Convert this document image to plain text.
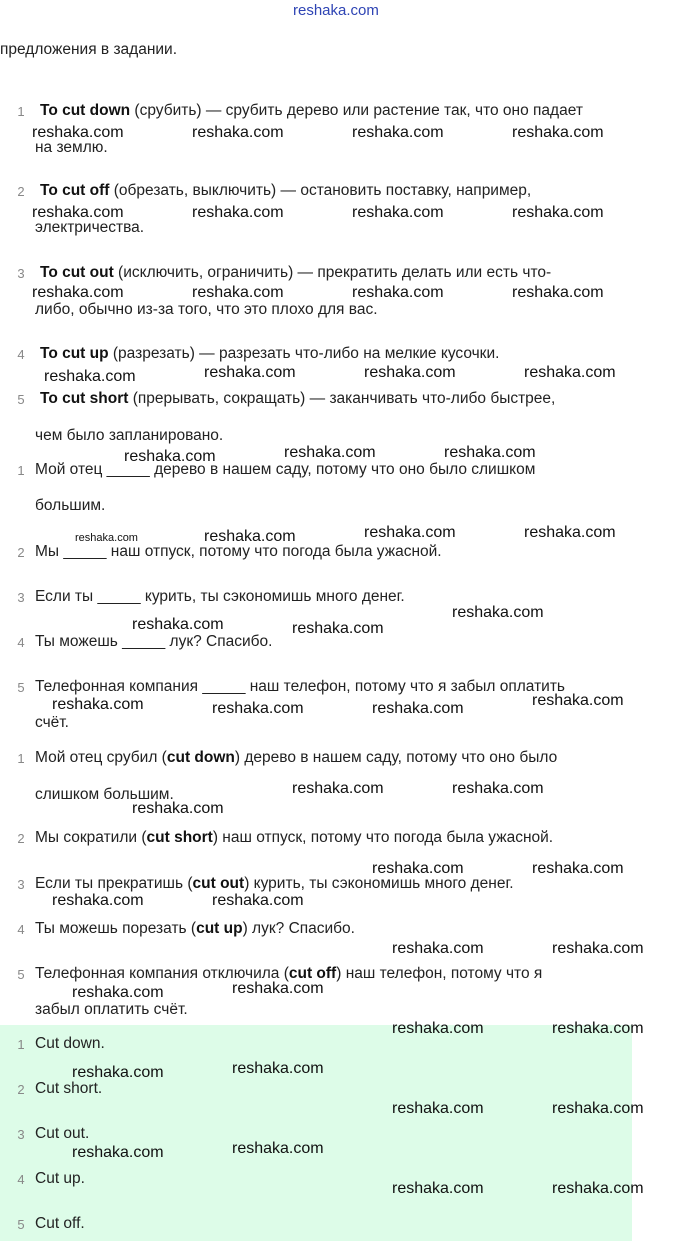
reshaka.com
предложения в задании.
1 To cut down (срубить) — срубить дерево или растение так, что оно падает
на землю.
2 To cut off (обрезать, выключить) — остановить поставку, например,
электричества.
3 To cut out (исключить, ограничить) — прекратить делать или есть что-
либо, обычно из-за того, что это плохо для вас.
4 To cut up (разрезать) — разрезать что-либо на мелкие кусочки.
5 To cut short (прерывать, сокращать) — заканчивать что-либо быстрее,
чем было запланировано.
1 Мой отец _____ дерево в нашем саду, потому что оно было слишком
большим.
2 Мы _____ наш отпуск, потому что погода была ужасной.
3 Если ты _____ курить, ты сэкономишь много денег.
4 Ты можешь _____ лук? Спасибо.
5 Телефонная компания _____ наш телефон, потому что я забыл оплатить
счёт.
1 Мой отец срубил (cut down) дерево в нашем саду, потому что оно было
слишком большим.
2 Мы сократили (cut short) наш отпуск, потому что погода была ужасной.
3 Если ты прекратишь (cut out) курить, ты сэкономишь много денег.
4 Ты можешь порезать (cut up) лук? Спасибо.
5 Телефонная компания отключила (cut off) наш телефон, потому что я
забыл оплатить счёт.
1 Cut down.
2 Cut short.
3 Cut out.
4 Cut up.
5 Cut off.
reshaka.com	reshaka.com	reshaka.com	reshaka.com
reshaka.com	reshaka.com	reshaka.com	reshaka.com
reshaka.com	reshaka.com	reshaka.com	reshaka.com
reshaka.com	reshaka.com	reshaka.com	reshaka.com
reshaka.com	reshaka.com	reshaka.com
reshaka.com	reshaka.com	reshaka.com	reshaka.com
reshaka.com
reshaka.com	reshaka.com
reshaka.com	reshaka.com	reshaka.com	reshaka.com
reshaka.com	reshaka.com
reshaka.com
reshaka.com	reshaka.com
reshaka.com	reshaka.com
reshaka.com	reshaka.com
reshaka.com	reshaka.com
reshaka.com	reshaka.com
reshaka.com	reshaka.com
reshaka.com	reshaka.com
reshaka.com	reshaka.com
reshaka.com	reshaka.com
